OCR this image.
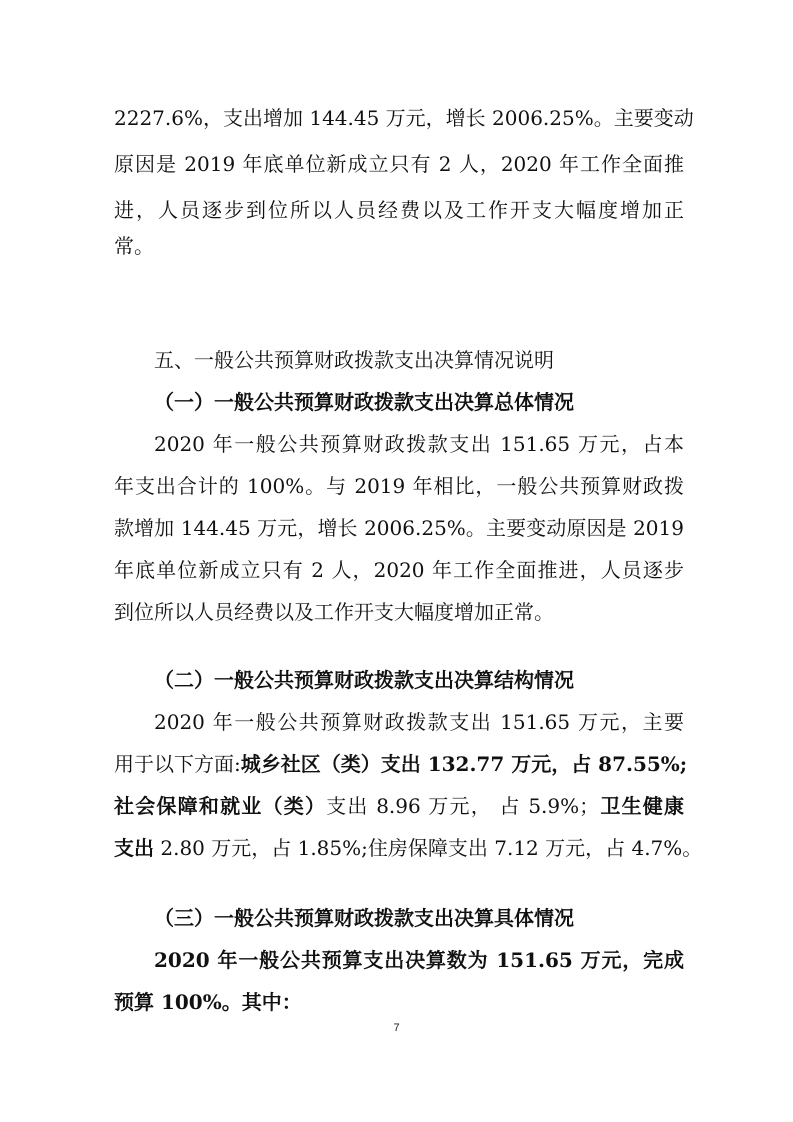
2227.6%，支出增加 144.45 万元，增长 2006.25%。主要变动
原因是 2019 年底单位新成立只有 2 人，2020 年工作全面推
进，人员逐步到位所以人员经费以及工作开支大幅度增加正
常。
五、一般公共预算财政拨款支出决算情况说明
（一）一般公共预算财政拨款支出决算总体情况
2020 年一般公共预算财政拨款支出 151.65 万元，占本
年支出合计的 100%。与 2019 年相比，一般公共预算财政拨
款增加 144.45 万元，增长 2006.25%。主要变动原因是 2019
年底单位新成立只有 2 人，2020 年工作全面推进，人员逐步
到位所以人员经费以及工作开支大幅度增加正常。
（二）一般公共预算财政拨款支出决算结构情况
2020 年一般公共预算财政拨款支出 151.65 万元，主要
用于以下方面:城乡社区（类）支出 132.77 万元，占 87.55%;
社会保障和就业（类）支出 8.96 万元， 占 5.9%；卫生健康
支出 2.80 万元，占 1.85%;住房保障支出 7.12 万元，占 4.7%。
（三）一般公共预算财政拨款支出决算具体情况
2020 年一般公共预算支出决算数为 151.65 万元，完成
预算 100%。其中：
7
